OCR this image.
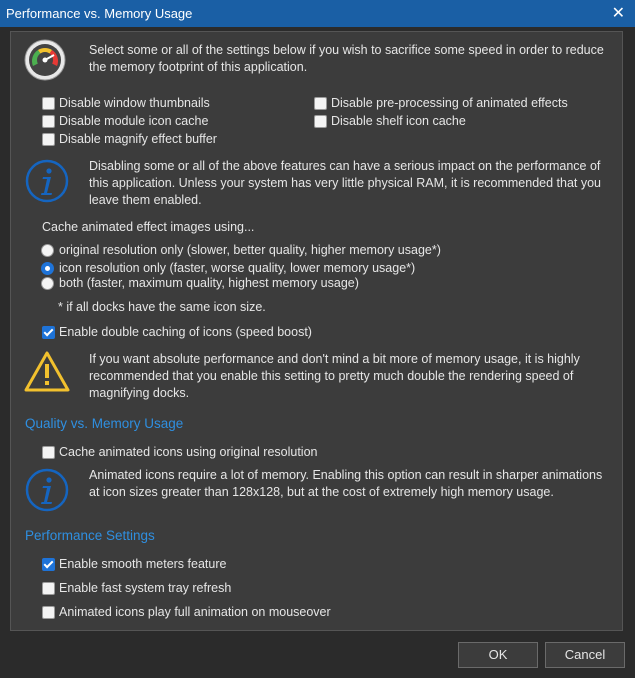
Performance vs. Memory Usage	✕
Select some or all of the settings below if you wish to sacrifice some speed in order to reduce the memory footprint of this application.
Disable window thumbnails
Disable module icon cache
Disable magnify effect buffer
Disable pre-processing of animated effects
Disable shelf icon cache
Disabling some or all of the above features can have a serious impact on the performance of this application. Unless your system has very little physical RAM, it is recommended that you leave them enabled.
Cache animated effect images using...
original resolution only (slower, better quality, higher memory usage*)
icon resolution only (faster, worse quality, lower memory usage*)
both (faster, maximum quality, highest memory usage)
* if all docks have the same icon size.
Enable double caching of icons (speed boost)
If you want absolute performance and don't mind a bit more of memory usage, it is highly recommended that you enable this setting to pretty much double the rendering speed of magnifying docks.
Quality vs. Memory Usage
Cache animated icons using original resolution
Animated icons require a lot of memory. Enabling this option can result in sharper animations at icon sizes greater than 128x128, but at the cost of extremely high memory usage.
Performance Settings
Enable smooth meters feature
Enable fast system tray refresh
Animated icons play full animation on mouseover
OK	Cancel
